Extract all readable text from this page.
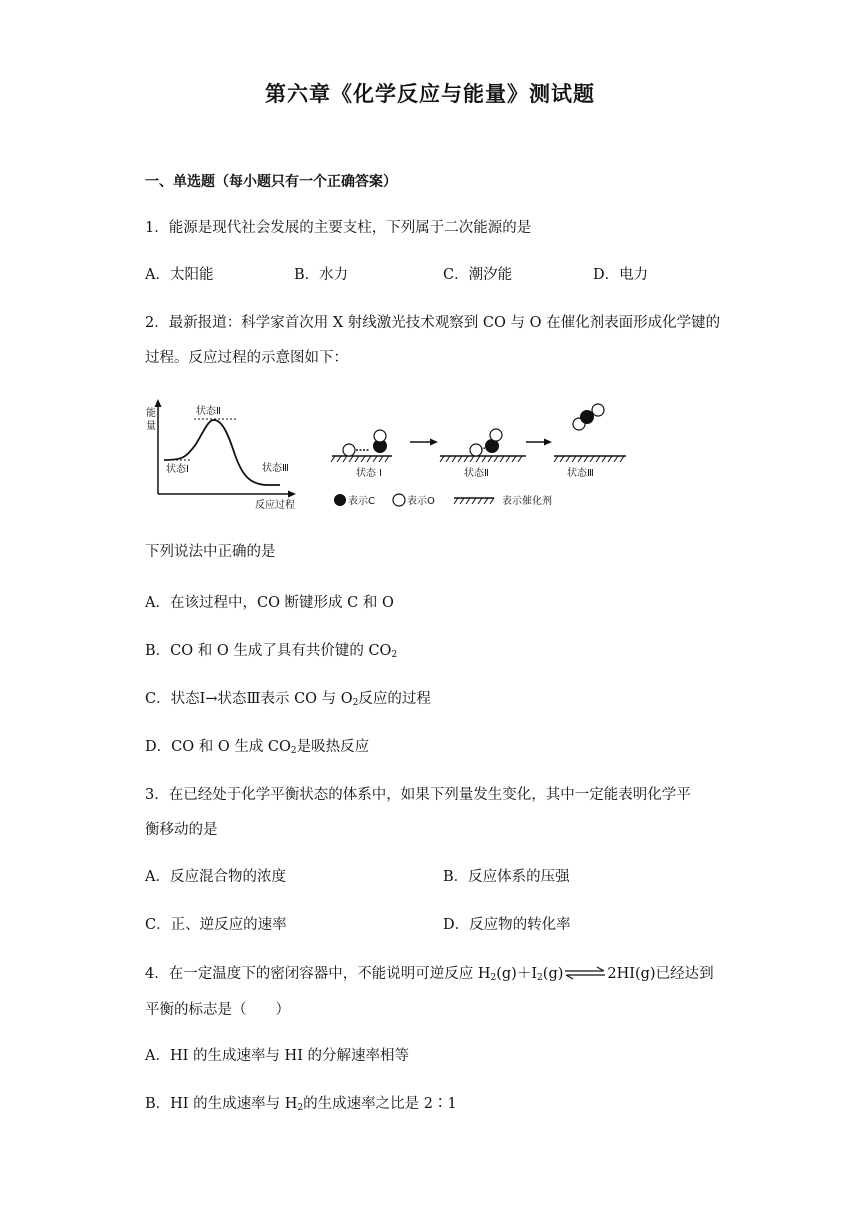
第六章《化学反应与能量》测试题
一、单选题（每小题只有一个正确答案）
1．能源是现代社会发展的主要支柱，下列属于二次能源的是
A．太阳能	B．水力	C．潮汐能	D．电力
2．最新报道：科学家首次用 X 射线激光技术观察到 CO 与 O 在催化剂表面形成化学键的
过程。反应过程的示意图如下：
能
量
反应过程
状态Ⅱ
状态Ⅰ	状态Ⅲ	状态 Ⅰ	状态Ⅱ	状态Ⅲ
表示C	表示O	表示催化剂
下列说法中正确的是
A．在该过程中，CO 断键形成 C 和 O
B．CO 和 O 生成了具有共价键的 $CO_2$
C．状态Ⅰ→状态Ⅲ表示 CO 与 $O_2$反应的过程
D．CO 和 O 生成 $CO_2$是吸热反应
3．在已经处于化学平衡状态的体系中，如果下列量发生变化，其中一定能表明化学平
衡移动的是
A．反应混合物的浓度	B．反应体系的压强
C．正、逆反应的速率	D．反应物的转化率
4．在一定温度下的密闭容器中，不能说明可逆反应 $H_2(g)+I_2(g)\rightleftharpoons 2HI(g)$已经达到
平衡的标志是（　　）
A．HI 的生成速率与 HI 的分解速率相等
B．HI 的生成速率与 $H_2$的生成速率之比是 2∶1
